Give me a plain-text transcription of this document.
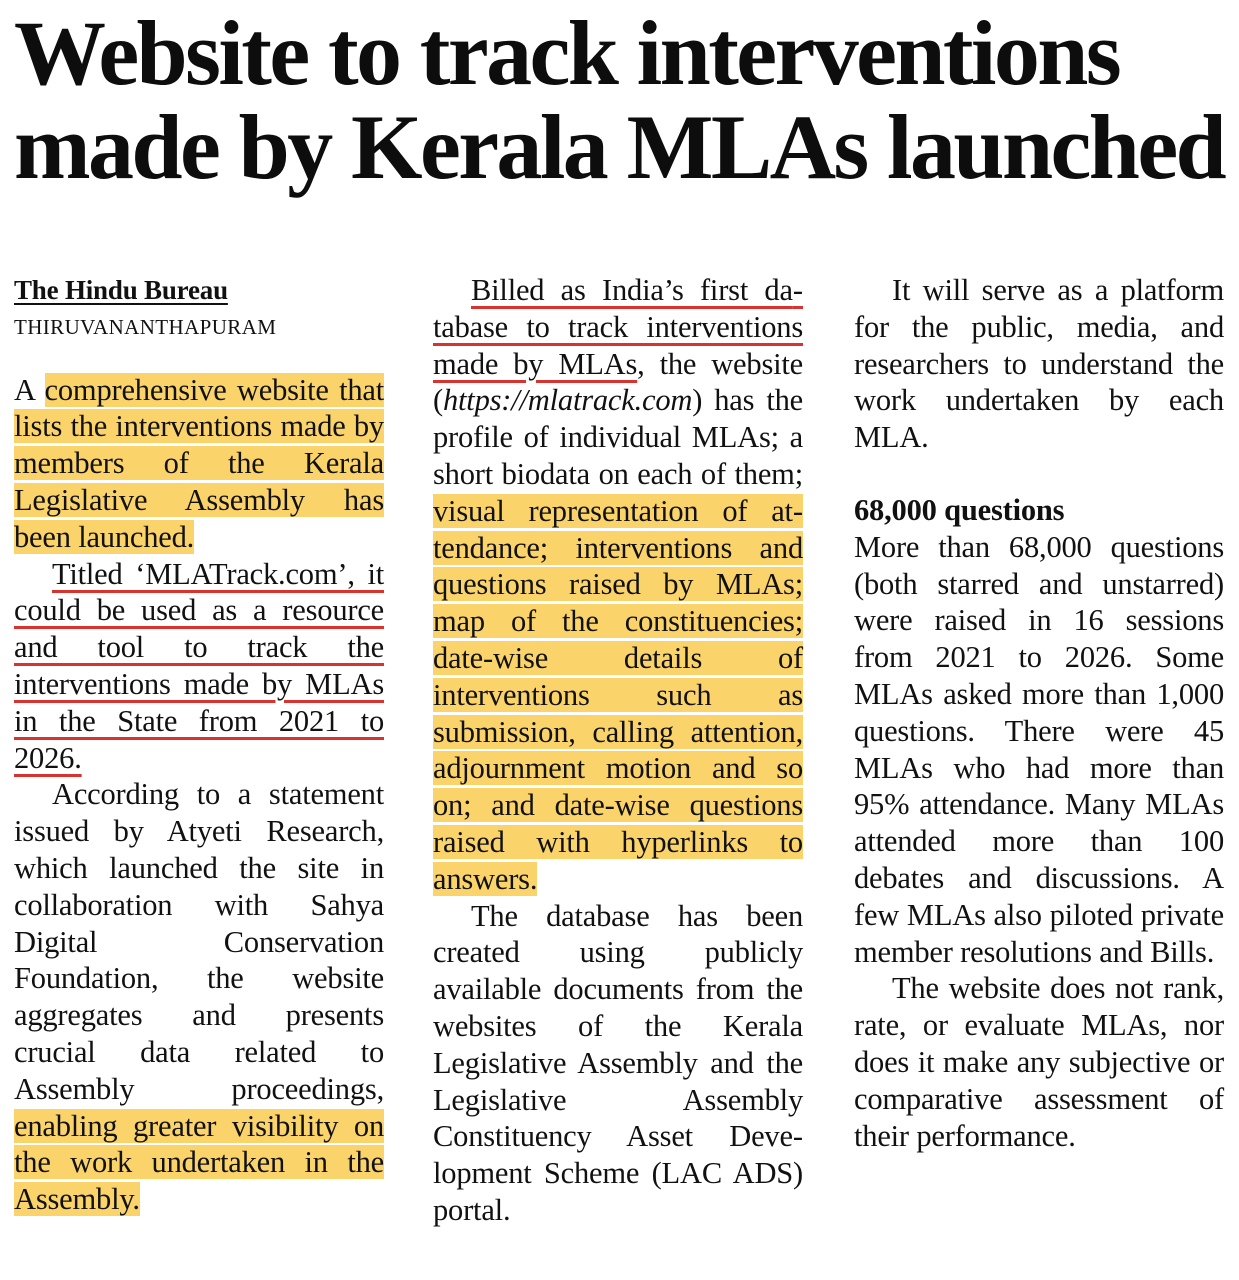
Website to track interventions
made by Kerala MLAs launched

The Hindu Bureau

THIRUVANANTHAPURAM

A comprehensive website that lists the interventions made by members of the Kerala Legislative Assembly has been launched.

Titled ‘MLATrack.com’, it could be used as a resource and tool to track the interventions made by MLAs in the State from 2021 to 2026.

According to a statement issued by Atyeti Research, which launched the site in collaboration with Sahya Digital Conservation Foundation, the website aggregates and presents crucial data related to Assembly proceedings, enabling greater visibility on the work undertaken in the Assembly.

Billed as India’s first database to track interventions made by MLAs, the website (https://mlatrack.com) has the profile of individual MLAs; a short biodata on each of them; visual representation of attendance; interventions and questions raised by MLAs; map of the constituencies; date-wise details of interventions such as submission, calling attention, adjournment motion and so on; and date-wise questions raised with hyperlinks to answers.

The database has been created using publicly available documents from the websites of the Kerala Legislative Assembly and the Legislative Assembly Constituency Asset Development Scheme (LAC ADS) portal.

It will serve as a platform for the public, media, and researchers to understand the work undertaken by each MLA.

68,000 questions

More than 68,000 questions (both starred and unstarred) were raised in 16 sessions from 2021 to 2026. Some MLAs asked more than 1,000 questions. There were 45 MLAs who had more than 95% attendance. Many MLAs attended more than 100 debates and discussions. A few MLAs also piloted private member resolutions and Bills.

The website does not rank, rate, or evaluate MLAs, nor does it make any subjective or comparative assessment of their performance.
